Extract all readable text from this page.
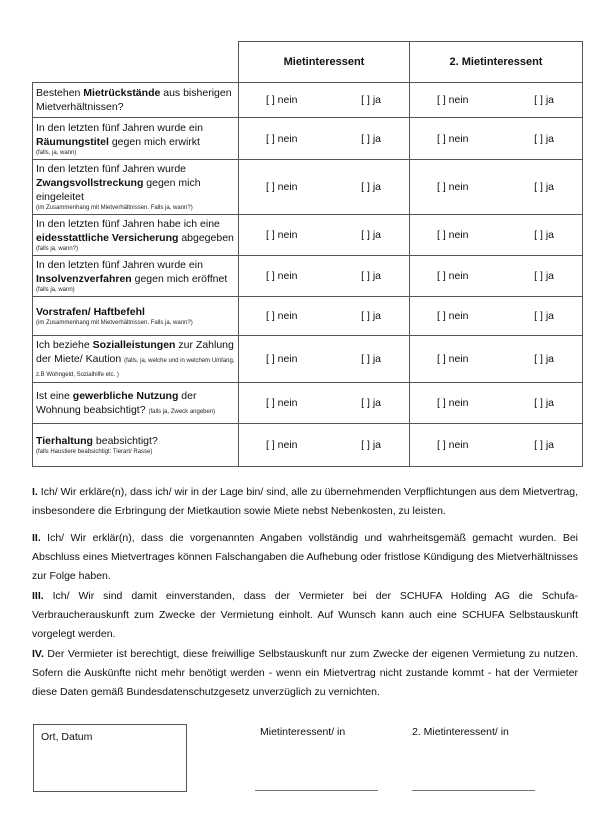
	Mietinteressent	2. Mietinteressent
Bestehen Mietrückstände aus bisherigen Mietverhältnissen?	[ ] nein [ ] ja	[ ] nein [ ] ja

In den letzten fünf Jahren wurde ein Räumungstitel gegen mich erwirkt
(falls, ja, wann)	[ ] nein [ ] ja	[ ] nein [ ] ja

In den letzten fünf Jahren wurde Zwangsvollstreckung gegen mich eingeleitet
(im Zusammenhang mit Mietverhältnissen. Falls ja, wann?)	[ ] nein [ ] ja	[ ] nein [ ] ja

In den letzten fünf Jahren habe ich eine eidesstattliche Versicherung abgegeben
(falls ja, wann?)	[ ] nein [ ] ja	[ ] nein [ ] ja

In den letzten fünf Jahren wurde ein Insolvenzverfahren gegen mich eröffnet
(falls ja, wann)	[ ] nein [ ] ja	[ ] nein [ ] ja

Vorstrafen/ Haftbefehl
(im Zusammenhang mit Mietverhältnissen. Falls ja, wann?)	[ ] nein [ ] ja	[ ] nein [ ] ja

Ich beziehe Sozialleistungen zur Zahlung der Miete/ Kaution (falls, ja, welche und in welchem Umfang, z.B Wohngeld, Sozialhilfe etc. )	[ ] nein [ ] ja	[ ] nein [ ] ja

Ist eine gewerbliche Nutzung der Wohnung beabsichtigt? (falls ja, Zweck angeben)	[ ] nein [ ] ja	[ ] nein [ ] ja

Tierhaltung beabsichtigt?
(falls Haustiere beabsichtigt: Tierart/ Rasse)	[ ] nein [ ] ja	[ ] nein [ ] ja

I. Ich/ Wir erkläre(n), dass ich/ wir in der Lage bin/ sind, alle zu übernehmenden Verpflichtungen aus dem Mietvertrag, insbesondere die Erbringung der Mietkaution sowie Miete nebst Nebenkosten, zu leisten.

II. Ich/ Wir erklär(n), dass die vorgenannten Angaben vollständig und wahrheitsgemäß gemacht wurden. Bei Abschluss eines Mietvertrages können Falschangaben die Aufhebung oder fristlose Kündigung des Mietverhältnisses zur Folge haben.

III. Ich/ Wir sind damit einverstanden, dass der Vermieter bei der SCHUFA Holding AG die Schufa-Verbraucherauskunft zum Zwecke der Vermietung einholt. Auf Wunsch kann auch eine SCHUFA Selbstauskunft vorgelegt werden.

IV. Der Vermieter ist berechtigt, diese freiwillige Selbstauskunft nur zum Zwecke der eigenen Vermietung zu nutzen. Sofern die Auskünfte nicht mehr benötigt werden - wenn ein Mietvertrag nicht zustande kommt - hat der Vermieter diese Daten gemäß Bundesdatenschutzgesetz unverzüglich zu vernichten.

Ort, Datum	Mietinteressent/ in	2. Mietinteressent/ in
